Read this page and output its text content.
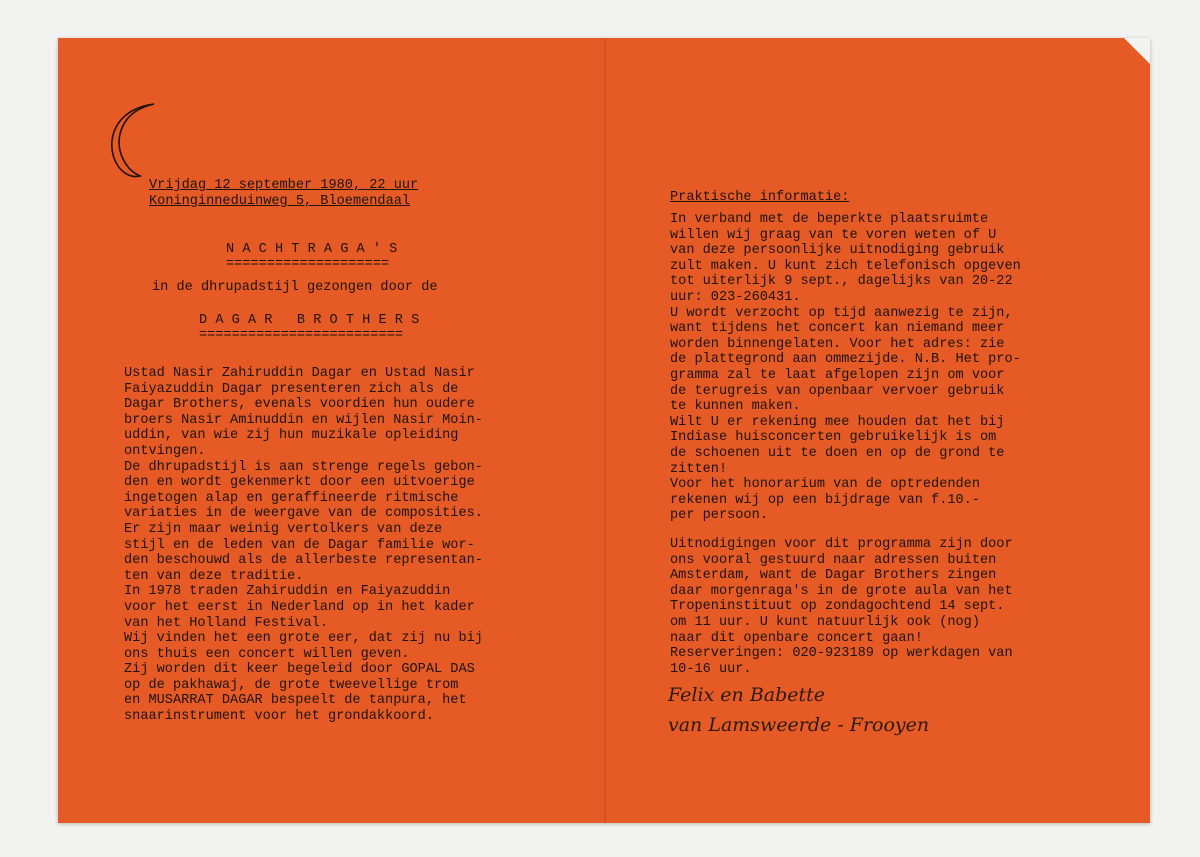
Vrijdag 12 september 1980, 22 uur
Koninginneduinweg 5, Bloemendaal
N A C H T R A G A ' S
====================
in de dhrupadstijl gezongen door de
D A G A R   B R O T H E R S
=========================
Ustad Nasir Zahiruddin Dagar en Ustad Nasir
Faiyazuddin Dagar presenteren zich als de
Dagar Brothers, evenals voordien hun oudere
broers Nasir Aminuddin en wijlen Nasir Moin-
uddin, van wie zij hun muzikale opleiding
ontvingen.
De dhrupadstijl is aan strenge regels gebon-
den en wordt gekenmerkt door een uitvoerige
ingetogen alap en geraffineerde ritmische
variaties in de weergave van de composities.
Er zijn maar weinig vertolkers van deze
stijl en de leden van de Dagar familie wor-
den beschouwd als de allerbeste representan-
ten van deze traditie.
In 1978 traden Zahiruddin en Faiyazuddin
voor het eerst in Nederland op in het kader
van het Holland Festival.
Wij vinden het een grote eer, dat zij nu bij
ons thuis een concert willen geven.
Zij worden dit keer begeleid door GOPAL DAS
op de pakhawaj, de grote tweevellige trom
en MUSARRAT DAGAR bespeelt de tanpura, het
snaarinstrument voor het grondakkoord.
Praktische informatie:
In verband met de beperkte plaatsruimte
willen wij graag van te voren weten of U
van deze persoonlijke uitnodiging gebruik
zult maken. U kunt zich telefonisch opgeven
tot uiterlijk 9 sept., dagelijks van 20-22
uur: 023-260431.
U wordt verzocht op tijd aanwezig te zijn,
want tijdens het concert kan niemand meer
worden binnengelaten. Voor het adres: zie
de plattegrond aan ommezijde. N.B. Het pro-
gramma zal te laat afgelopen zijn om voor
de terugreis van openbaar vervoer gebruik
te kunnen maken.
Wilt U er rekening mee houden dat het bij
Indiase huisconcerten gebruikelijk is om
de schoenen uit te doen en op de grond te
zitten!
Voor het honorarium van de optredenden
rekenen wij op een bijdrage van f.10.-
per persoon.
Uitnodigingen voor dit programma zijn door
ons vooral gestuurd naar adressen buiten
Amsterdam, want de Dagar Brothers zingen
daar morgenraga's in de grote aula van het
Tropeninstituut op zondagochtend 14 sept.
om 11 uur. U kunt natuurlijk ook (nog)
naar dit openbare concert gaan!
Reserveringen: 020-923189 op werkdagen van
10-16 uur.
Felix en Babette
van Lamsweerde - Frooyen
